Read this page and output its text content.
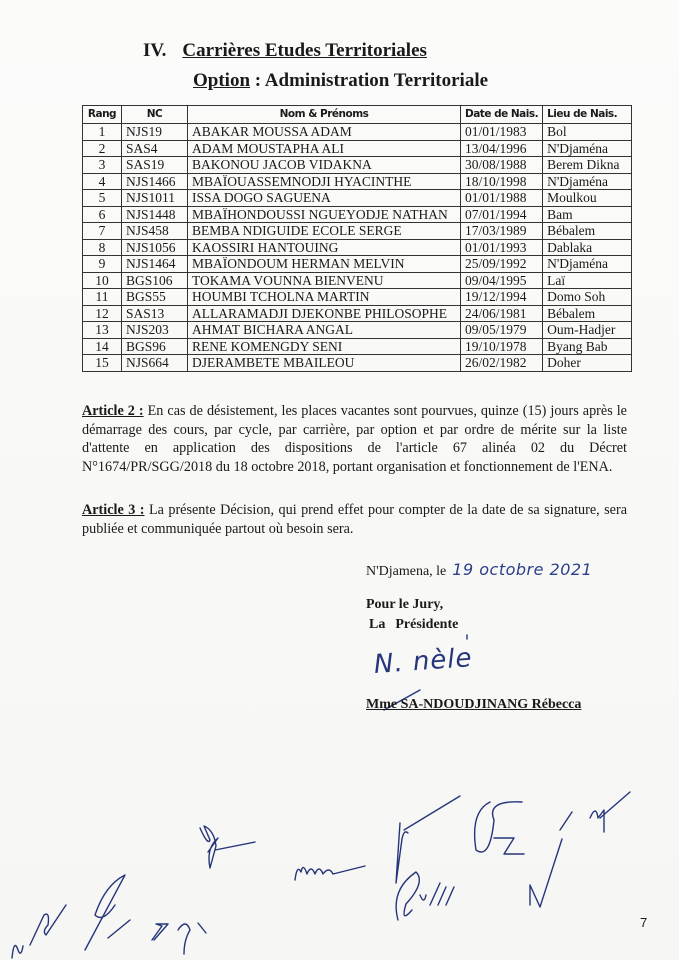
IV. Carrières Etudes Territoriales
Option : Administration Territoriale
Rang	NC	Nom & Prénoms	Date de Nais.	Lieu de Nais.
1	NJS19	ABAKAR MOUSSA ADAM	01/01/1983	Bol
2	SAS4	ADAM MOUSTAPHA ALI	13/04/1996	N'Djaména
3	SAS19	BAKONOU JACOB VIDAKNA	30/08/1988	Berem Dikna
4	NJS1466	MBAÏOUASSEMNODJI HYACINTHE	18/10/1998	N'Djaména
5	NJS1011	ISSA DOGO SAGUENA	01/01/1988	Moulkou
6	NJS1448	MBAÏHONDOUSSI NGUEYODJE NATHAN	07/01/1994	Bam
7	NJS458	BEMBA NDIGUIDE ECOLE SERGE	17/03/1989	Bébalem
8	NJS1056	KAOSSIRI HANTOUING	01/01/1993	Dablaka
9	NJS1464	MBAÏONDOUM HERMAN MELVIN	25/09/1992	N'Djaména
10	BGS106	TOKAMA VOUNNA BIENVENU	09/04/1995	Laï
11	BGS55	HOUMBI TCHOLNA MARTIN	19/12/1994	Domo Soh
12	SAS13	ALLARAMADJI DJEKONBE PHILOSOPHE	24/06/1981	Bébalem
13	NJS203	AHMAT BICHARA ANGAL	09/05/1979	Oum-Hadjer
14	BGS96	RENE KOMENGDY SENI	19/10/1978	Byang Bab
15	NJS664	DJERAMBETE MBAILEOU	26/02/1982	Doher
Article 2 : En cas de désistement, les places vacantes sont pourvues, quinze (15) jours après le démarrage des cours, par cycle, par carrière, par option et par ordre de mérite sur la liste d'attente en application des dispositions de l'article 67 alinéa 02 du Décret N°1674/PR/SGG/2018 du 18 octobre 2018, portant organisation et fonctionnement de l'ENA.
Article 3 : La présente Décision, qui prend effet pour compter de la date de sa signature, sera publiée et communiquée partout où besoin sera.
N'Djamena, le 19 octobre 2021
Pour le Jury,
La Présidente
N. nèle
Mme SA-NDOUDJINANG Rébecca
7
